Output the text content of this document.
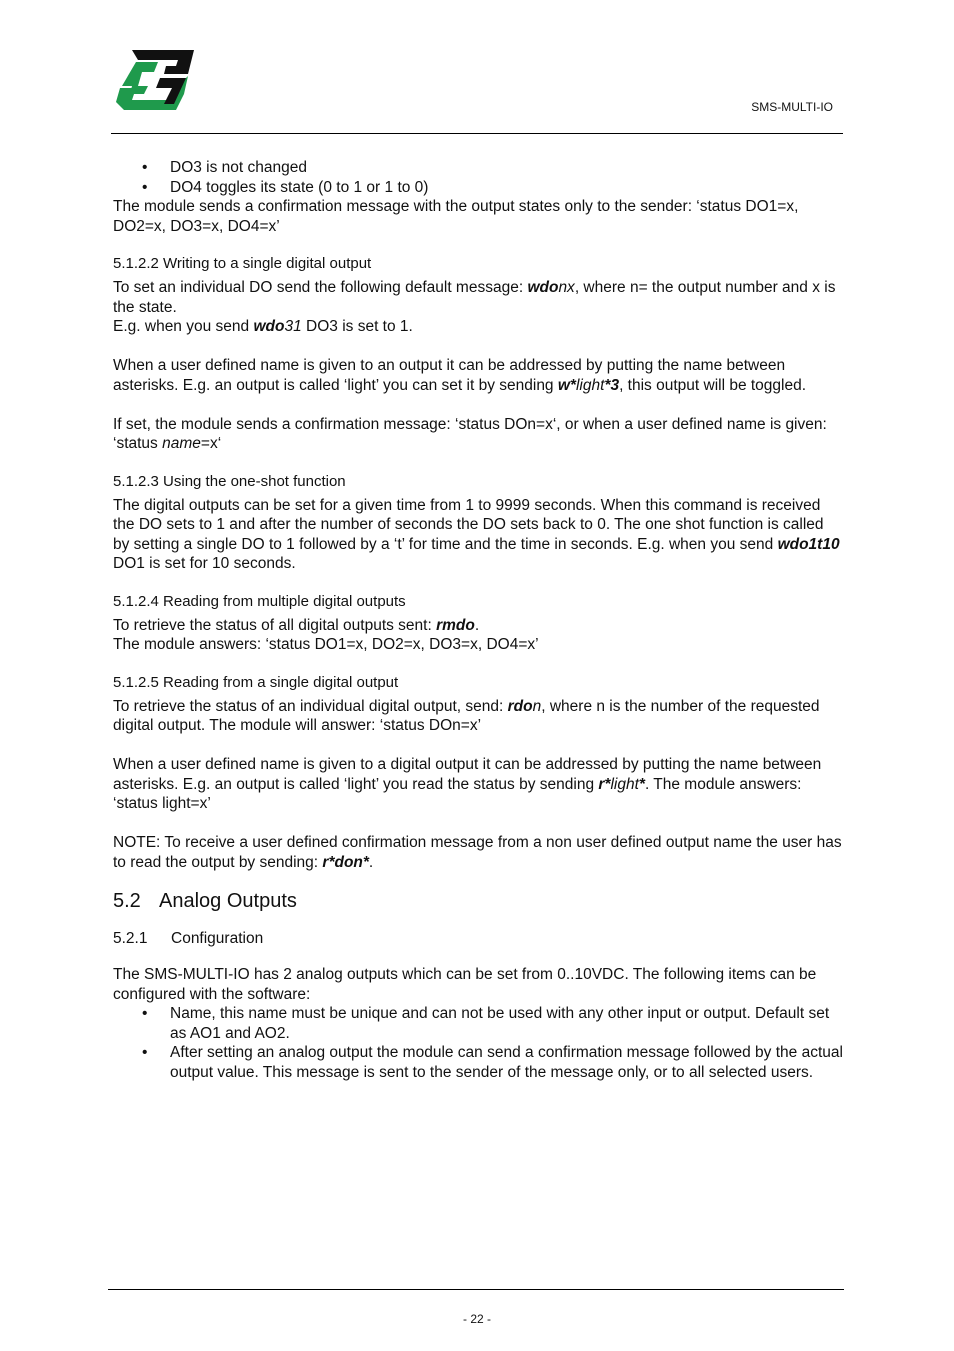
SMS-MULTI-IO
• DO3 is not changed
• DO4 toggles its state (0 to 1 or 1 to 0)

The module sends a confirmation message with the output states only to the sender: ‘status DO1=x, DO2=x, DO3=x, DO4=x’

5.1.2.2 Writing to a single digital output

To set an individual DO send the following default message: wdonx, where n= the output number and x is the state.

E.g. when you send wdo31 DO3 is set to 1.

When a user defined name is given to an output it can be addressed by putting the name between asterisks. E.g. an output is called ‘light’ you can set it by sending w*light*3, this output will be toggled.

If set, the module sends a confirmation message: ‘status DOn=x‘, or when a user defined name is given: ‘status name=x‘

5.1.2.3 Using the one-shot function

The digital outputs can be set for a given time from 1 to 9999 seconds. When this command is received the DO sets to 1 and after the number of seconds the DO sets back to 0. The one shot function is called by setting a single DO to 1 followed by a ‘t’ for time and the time in seconds. E.g. when you send wdo1t10 DO1 is set for 10 seconds.

5.1.2.4 Reading from multiple digital outputs

To retrieve the status of all digital outputs sent: rmdo.

The module answers: ‘status DO1=x, DO2=x, DO3=x, DO4=x’

5.1.2.5 Reading from a single digital output

To retrieve the status of an individual digital output, send: rdon, where n is the number of the requested digital output. The module will answer: ‘status DOn=x’

When a user defined name is given to a digital output it can be addressed by putting the name between asterisks. E.g. an output is called ‘light’ you read the status by sending r*light*. The module answers: ‘status light=x’

NOTE: To receive a user defined confirmation message from a non user defined output name the user has to read the output by sending: r*don*.

5.2 Analog Outputs
5.2.1 Configuration

The SMS-MULTI-IO has 2 analog outputs which can be set from 0..10VDC. The following items can be configured with the software:

• Name, this name must be unique and can not be used with any other input or output. Default set as AO1 and AO2.
• After setting an analog output the module can send a confirmation message followed by the actual output value. This message is sent to the sender of the message only, or to all selected users.
- 22 -
